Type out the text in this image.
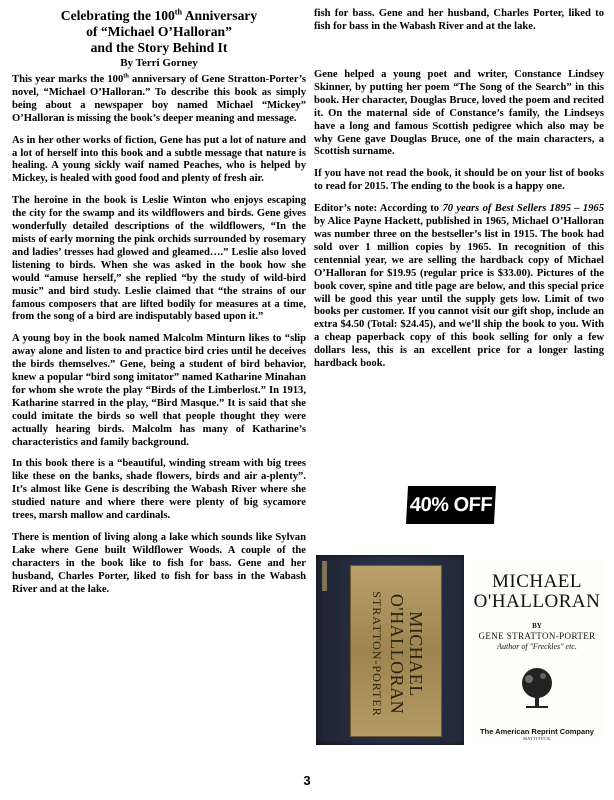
Celebrating the 100th Anniversary
of “Michael O’Halloran”
and the Story Behind It
By Terri Gorney

This year marks the 100th anniversary of Gene Stratton-Porter’s novel, “Michael O’Halloran.” To describe this book as simply being about a newspaper boy named Michael “Mickey” O’Halloran is missing the book’s deeper meaning and message.

As in her other works of fiction, Gene has put a lot of nature and a lot of herself into this book and a subtle message that nature is healing. A young sickly waif named Peaches, who is helped by Mickey, is healed with good food and plenty of fresh air.

The heroine in the book is Leslie Winton who enjoys escaping the city for the swamp and its wildflowers and birds. Gene gives wonderfully detailed descriptions of the wildflowers, “In the mists of early morning the pink orchids surrounded by rosemary and ladies’ tresses had glowed and gleamed….” Leslie also loved listening to birds. When she was asked in the book how she would “amuse herself,” she replied “by the study of wild-bird music” and bird study. Leslie claimed that “the strains of our famous composers that are lifted bodily for measures at a time, from the song of a bird are indisputably based upon it.”

A young boy in the book named Malcolm Minturn likes to “slip away alone and listen to and practice bird cries until he deceives the birds themselves.” Gene, being a student of bird behavior, knew a popular “bird song imitator” named Katharine Minahan for whom she wrote the play “Birds of the Limberlost.” In 1913, Katharine starred in the play, “Bird Masque.” It is said that she could imitate the birds so well that people thought they were actually hearing birds. Malcolm has many of Katharine’s characteristics and family background.

In this book there is a “beautiful, winding stream with big trees like these on the banks, shade flowers, birds and air a-plenty”. It’s almost like Gene is describing the Wabash River where she studied nature and where there were plenty of big sycamore trees, marsh mallow and cardinals.

There is mention of living along a lake which sounds like Sylvan Lake where Gene built Wildflower Woods. A couple of the characters in the book like to fish for bass. Gene and her husband, Charles Porter, liked to fish for bass in the Wabash River and at the lake.

fish for bass. Gene and her husband, Charles Porter, liked to fish for bass in the Wabash River and at the lake.

Gene helped a young poet and writer, Constance Lindsey Skinner, by putting her poem “The Song of the Search” in this book. Her character, Douglas Bruce, loved the poem and recited it. On the maternal side of Constance’s family, the Lindseys have a long and famous Scottish pedigree which also may be why Gene gave Douglas Bruce, one of the main characters, a Scottish surname.

If you have not read the book, it should be on your list of books to read for 2015. The ending to the book is a happy one.

Editor’s note: According to 70 years of Best Sellers 1895 – 1965 by Alice Payne Hackett, published in 1965, Michael O’Halloran was number three on the bestseller’s list in 1915. The book had sold over 1 million copies by 1965. In recognition of this centennial year, we are selling the hardback copy of Michael O’Halloran for $19.95 (regular price is $33.00). Pictures of the book cover, spine and title page are below, and this special price will be good this year until the supply gets low. Limit of two books per customer. If you cannot visit our gift shop, include an extra $4.50 (Total: $24.45), and we’ll ship the book to you. With a cheap paperback copy of this book selling for only a few dollars less, this is an excellent price for a longer lasting hardback book.

40% OFF
MICHAEL O'HALLORAN
STRATTON-PORTER
MICHAEL
O'HALLORAN
BY
GENE STRATTON-PORTER
Author of "Freckles" etc.
The American Reprint Company
MATTITUCK
3
